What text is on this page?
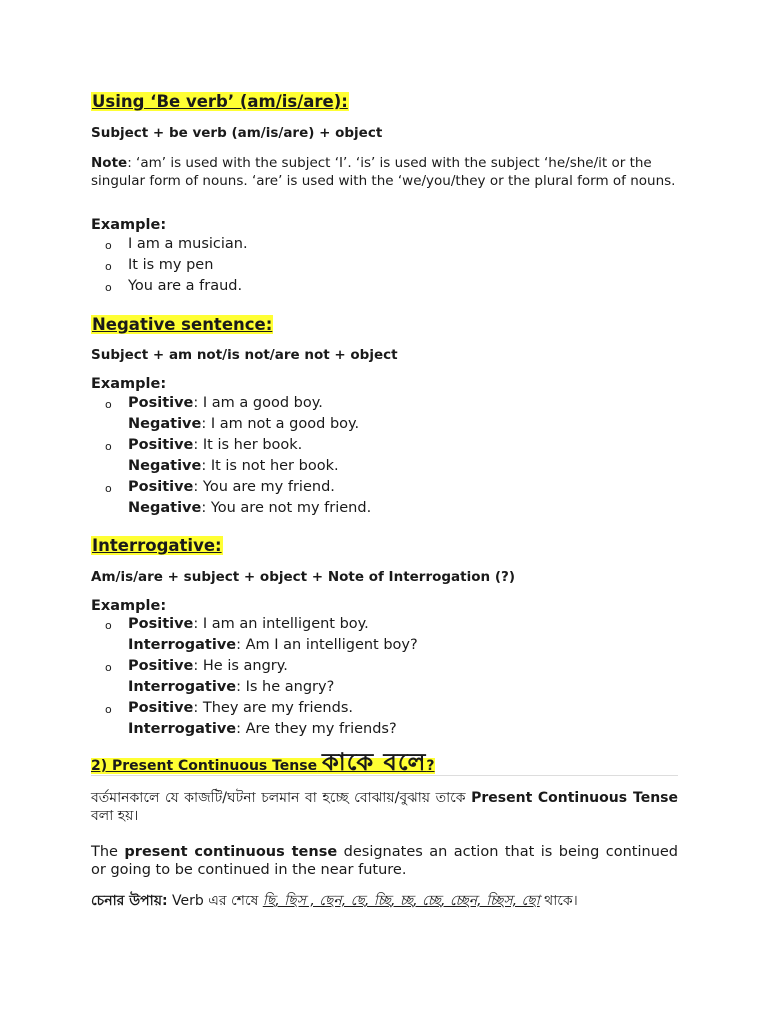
Using ‘Be verb’ (am/is/are):
Subject + be verb (am/is/are) + object
Note: ‘am’ is used with the subject ‘I’. ‘is’ is used with the subject ‘he/she/it or the singular form of nouns. ‘are’ is used with the ‘we/you/they or the plural form of nouns.
Example:
o I am a musician.
o It is my pen
o You are a fraud.
Negative sentence:
Subject + am not/is not/are not + object
Example:
o Positive: I am a good boy.
Negative: I am not a good boy.
o Positive: It is her book.
Negative: It is not her book.
o Positive: You are my friend.
Negative: You are not my friend.
Interrogative:
Am/is/are + subject + object + Note of Interrogation (?)
Example:
o Positive: I am an intelligent boy.
Interrogative: Am I an intelligent boy?
o Positive: He is angry.
Interrogative: Is he angry?
o Positive: They are my friends.
Interrogative: Are they my friends?
2) Present Continuous Tense কাকে বলে?
বর্তমানকালে যে কাজটি/ঘটনা চলমান বা হচ্ছে বোঝায়/বুঝায় তাকে Present Continuous Tense বলা হয়।
The present continuous tense designates an action that is being continued or going to be continued in the near future.
চেনার উপায়: Verb এর শেষে ছি, ছিস , ছেন, ছে, চ্ছি, চ্ছ, চ্ছে, চ্ছেন, চ্ছিস, ছো থাকে।
